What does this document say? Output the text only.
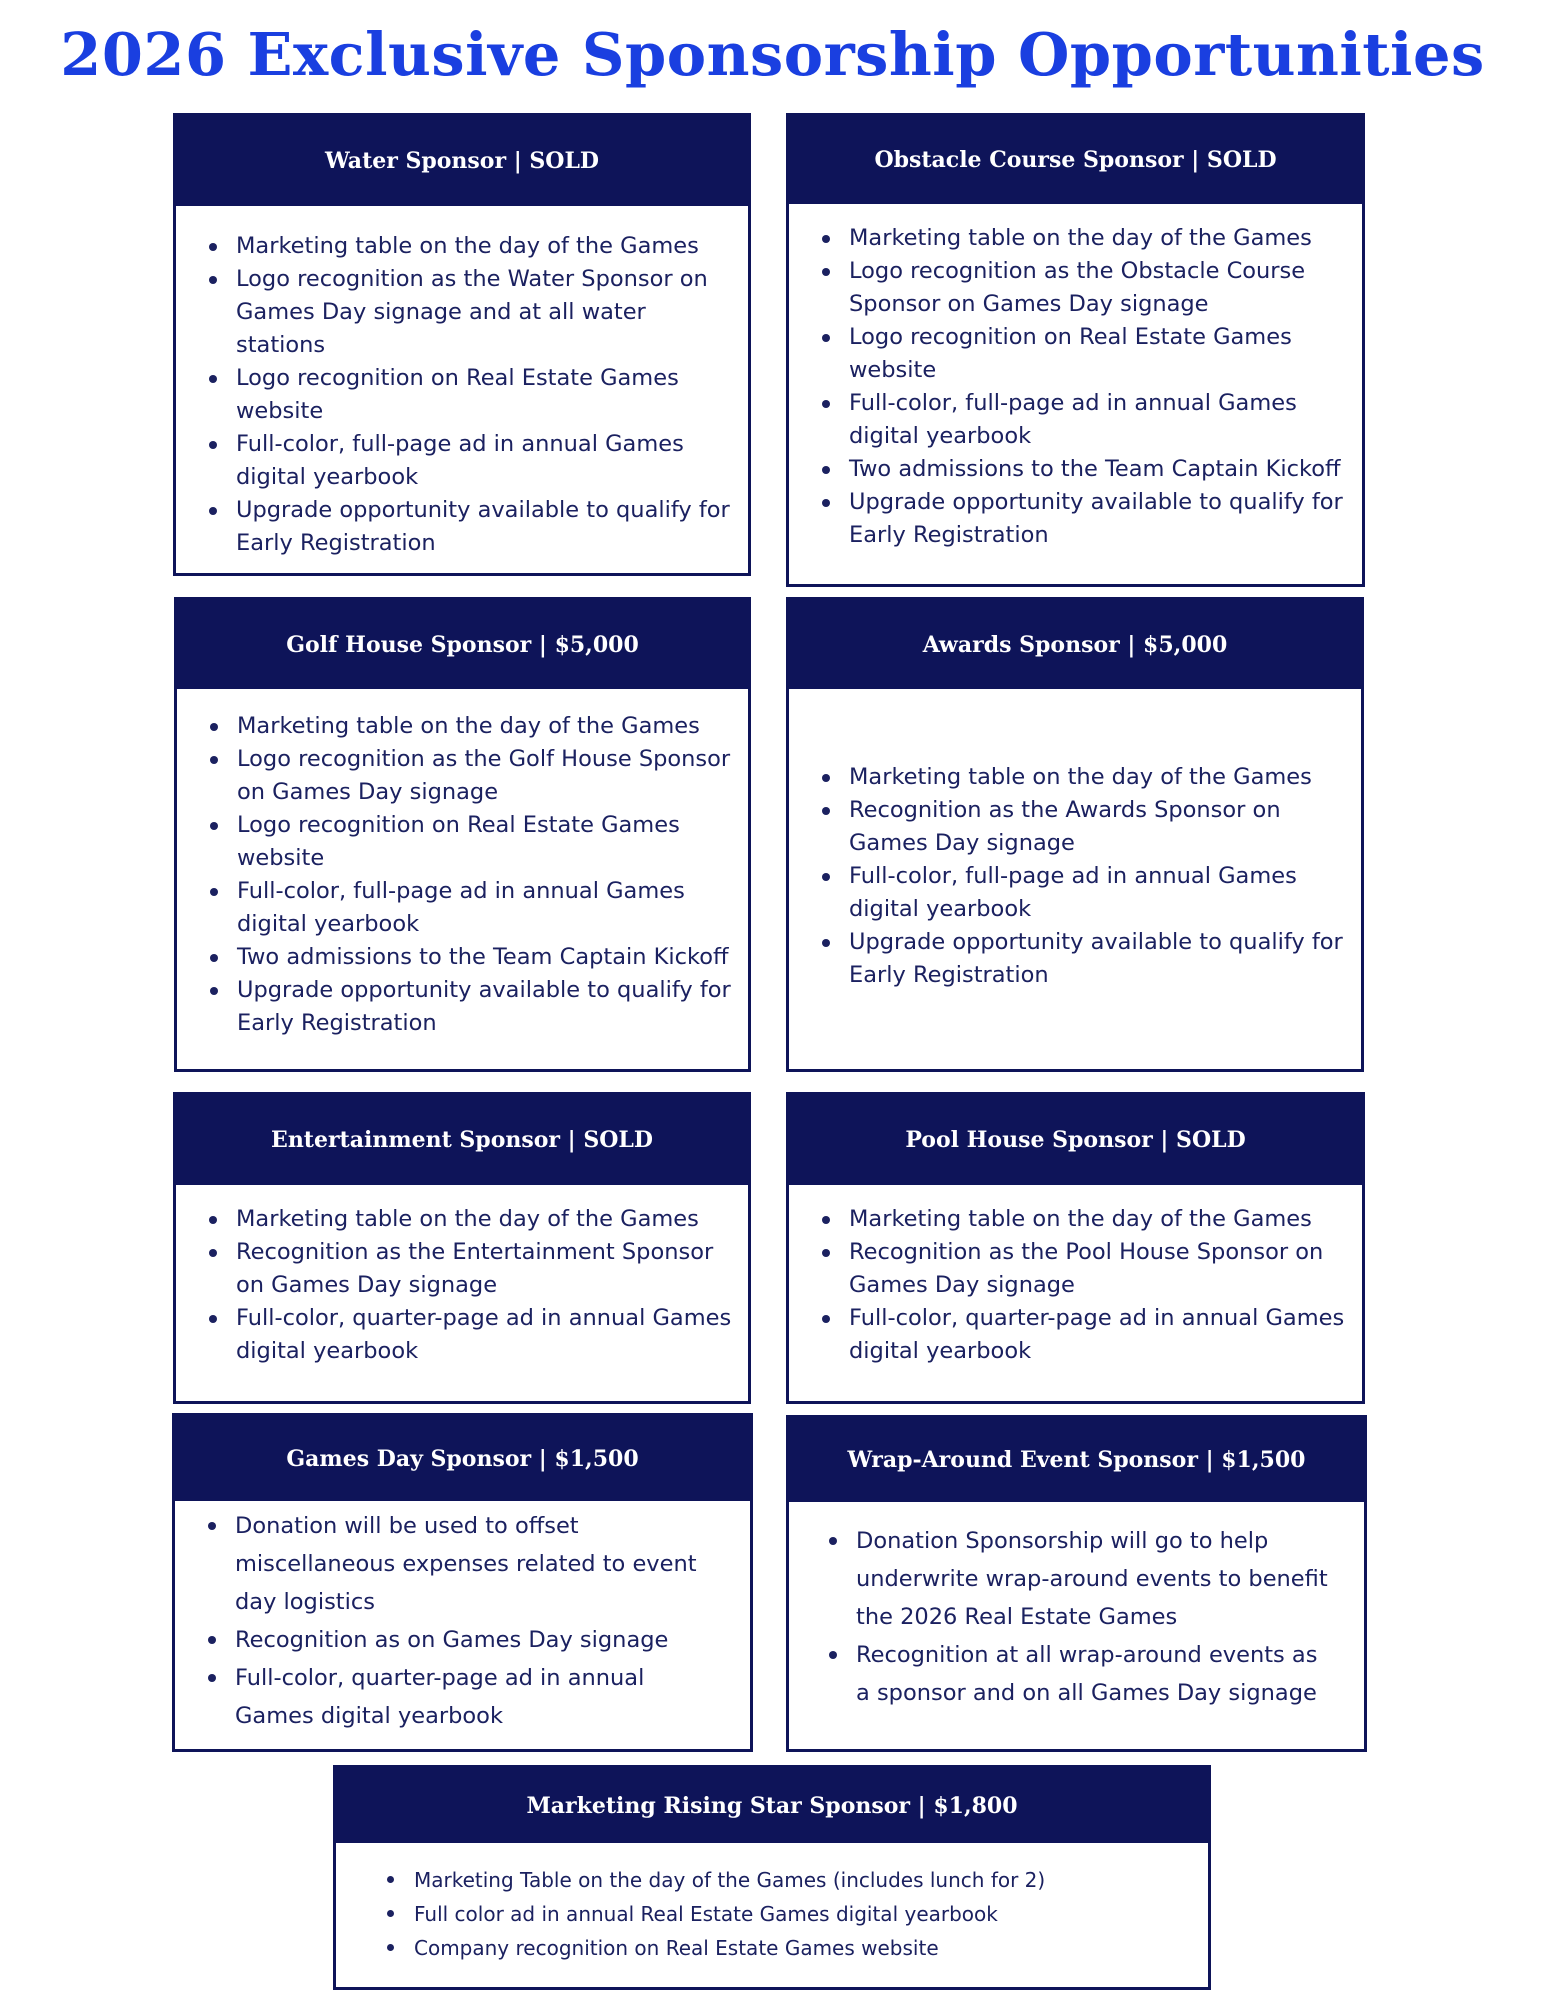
2026 Exclusive Sponsorship Opportunities
Water Sponsor | SOLD
Marketing table on the day of the Games
Logo recognition as the Water Sponsor on Games Day signage and at all water stations
Logo recognition on Real Estate Games website
Full-color, full-page ad in annual Games digital yearbook
Upgrade opportunity available to qualify for Early Registration
Obstacle Course Sponsor | SOLD
Marketing table on the day of the Games
Logo recognition as the Obstacle Course Sponsor on Games Day signage
Logo recognition on Real Estate Games website
Full-color, full-page ad in annual Games digital yearbook
Two admissions to the Team Captain Kickoff
Upgrade opportunity available to qualify for Early Registration
Golf House Sponsor | $5,000
Marketing table on the day of the Games
Logo recognition as the Golf House Sponsor on Games Day signage
Logo recognition on Real Estate Games website
Full-color, full-page ad in annual Games digital yearbook
Two admissions to the Team Captain Kickoff
Upgrade opportunity available to qualify for Early Registration
Awards Sponsor | $5,000
Marketing table on the day of the Games
Recognition as the Awards Sponsor on Games Day signage
Full-color, full-page ad in annual Games digital yearbook
Upgrade opportunity available to qualify for Early Registration
Entertainment Sponsor | SOLD
Marketing table on the day of the Games
Recognition as the Entertainment Sponsor on Games Day signage
Full-color, quarter-page ad in annual Games digital yearbook
Pool House Sponsor | SOLD
Marketing table on the day of the Games
Recognition as the Pool House Sponsor on Games Day signage
Full-color, quarter-page ad in annual Games digital yearbook
Games Day Sponsor | $1,500
Donation will be used to offset miscellaneous expenses related to event day logistics
Recognition as on Games Day signage
Full-color, quarter-page ad in annual Games digital yearbook
Wrap-Around Event Sponsor | $1,500
Donation Sponsorship will go to help underwrite wrap-around events to benefit the 2026 Real Estate Games
Recognition at all wrap-around events as a sponsor and on all Games Day signage
Marketing Rising Star Sponsor | $1,800
Marketing Table on the day of the Games (includes lunch for 2)
Full color ad in annual Real Estate Games digital yearbook
Company recognition on Real Estate Games website
